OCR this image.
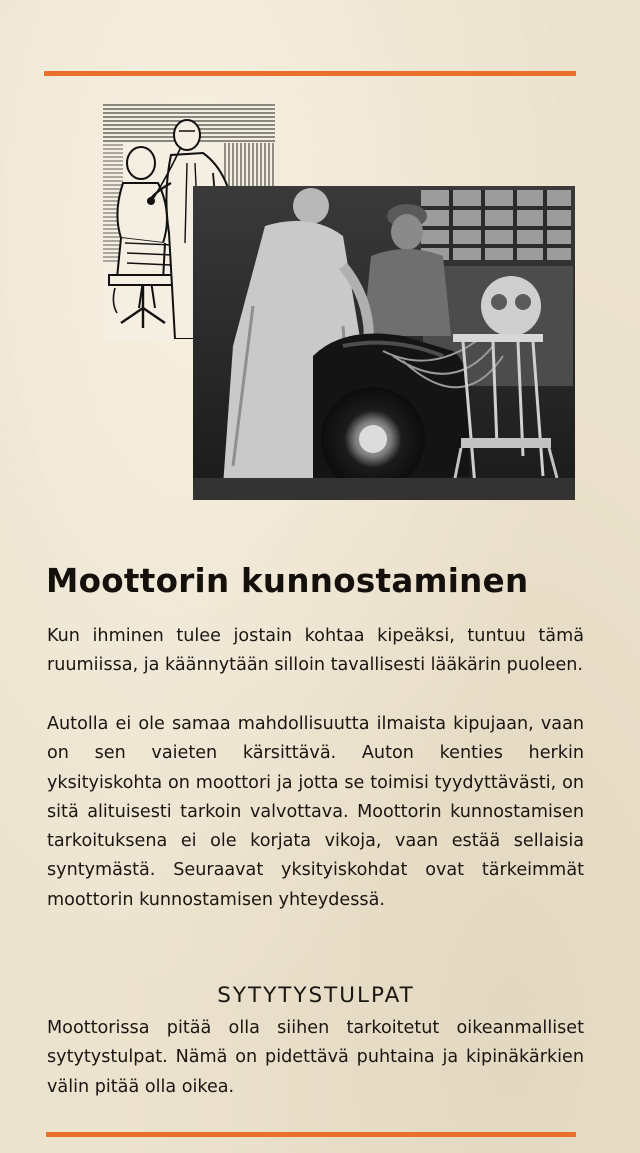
Moottorin kunnostaminen

Kun ihminen tulee jostain kohtaa kipeäksi, tuntuu tämä ruumiissa, ja käännytään silloin tavallisesti lääkärin puoleen.

Autolla ei ole samaa mahdollisuutta ilmaista kipujaan, vaan on sen vaieten kärsittävä. Auton kenties herkin yksityiskohta on moottori ja jotta se toimisi tyydyttävästi, on sitä alituisesti tarkoin valvottava. Moottorin kunnostamisen tarkoituksena ei ole korjata vikoja, vaan estää sellaisia syntymästä. Seuraavat yksityiskohdat ovat tärkeimmät moottorin kunnostamisen yhteydessä.

SYTYTYSTULPAT

Moottorissa pitää olla siihen tarkoitetut oikeanmalliset sytytystulpat. Nämä on pidettävä puhtaina ja kipinäkärkien välin pitää olla oikea.
